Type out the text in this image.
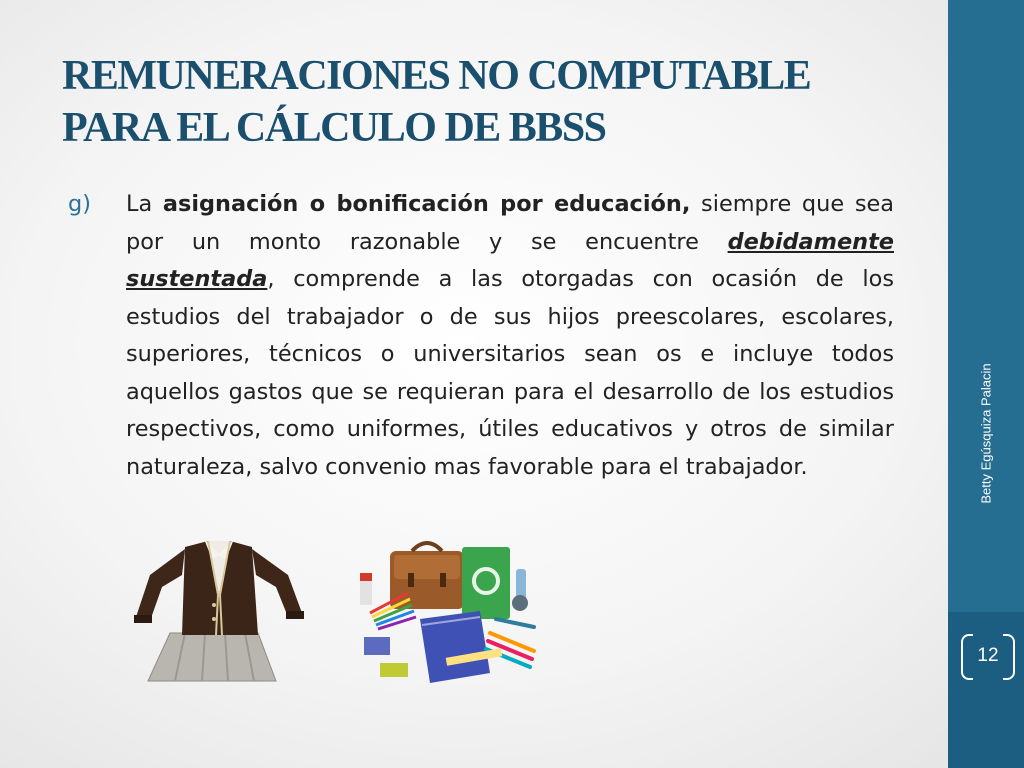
REMUNERACIONES NO COMPUTABLE
PARA EL CÁLCULO DE BBSS
g) La asignación o bonificación por educación, siempre que sea por un monto razonable y se encuentre debidamente sustentada, comprende a las otorgadas con ocasión de los estudios del trabajador o de sus hijos preescolares, escolares, superiores, técnicos o universitarios sean os e incluye todos aquellos gastos que se requieran para el desarrollo de los estudios respectivos, como uniformes, útiles educativos y otros de similar naturaleza, salvo convenio mas favorable para el trabajador.	Betty Egúsquiza Palacin
12
